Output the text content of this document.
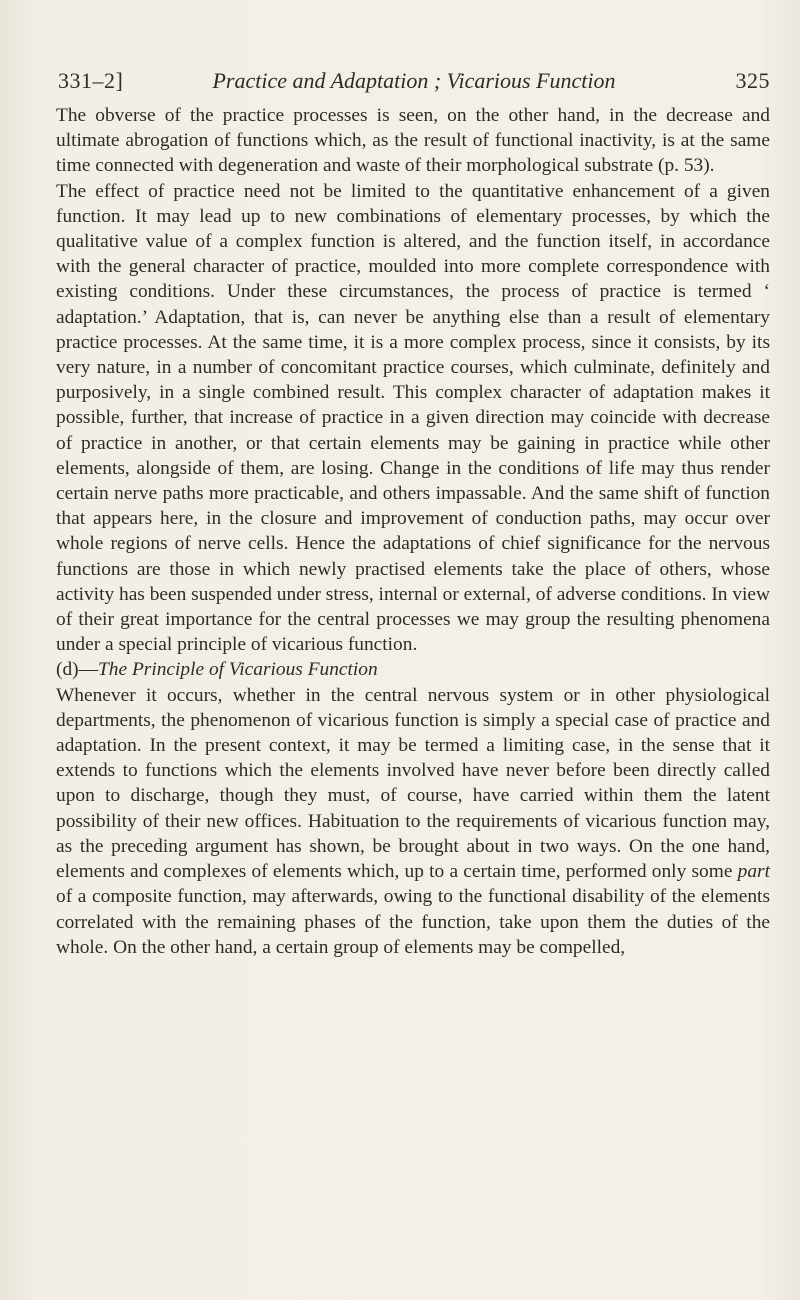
331–2]	Practice and Adaptation ; Vicarious Function	325

The obverse of the practice processes is seen, on the other hand, in the decrease and ultimate abrogation of functions which, as the result of functional inactivity, is at the same time connected with degeneration and waste of their morphological substrate (p. 53).

The effect of practice need not be limited to the quantitative enhancement of a given function. It may lead up to new combinations of elementary processes, by which the qualitative value of a complex function is altered, and the function itself, in accordance with the general character of practice, moulded into more complete correspondence with existing conditions. Under these circumstances, the process of practice is termed ‘ adaptation.’ Adaptation, that is, can never be anything else than a result of elementary practice processes. At the same time, it is a more complex process, since it consists, by its very nature, in a number of concomitant practice courses, which culminate, definitely and purposively, in a single combined result. This complex character of adaptation makes it possible, further, that increase of practice in a given direction may coincide with decrease of practice in another, or that certain elements may be gaining in practice while other elements, alongside of them, are losing. Change in the conditions of life may thus render certain nerve paths more practicable, and others impassable. And the same shift of function that appears here, in the closure and improvement of conduction paths, may occur over whole regions of nerve cells. Hence the adaptations of chief significance for the nervous functions are those in which newly practised elements take the place of others, whose activity has been suspended under stress, internal or external, of adverse conditions. In view of their great importance for the central processes we may group the resulting phenomena under a special principle of vicarious function.

(d)—The Principle of Vicarious Function

Whenever it occurs, whether in the central nervous system or in other physiological departments, the phenomenon of vicarious function is simply a special case of practice and adaptation. In the present context, it may be termed a limiting case, in the sense that it extends to functions which the elements involved have never before been directly called upon to discharge, though they must, of course, have carried within them the latent possibility of their new offices. Habituation to the requirements of vicarious function may, as the preceding argument has shown, be brought about in two ways. On the one hand, elements and complexes of elements which, up to a certain time, performed only some part of a composite function, may afterwards, owing to the functional disability of the elements correlated with the remaining phases of the function, take upon them the duties of the whole. On the other hand, a certain group of elements may be compelled,
